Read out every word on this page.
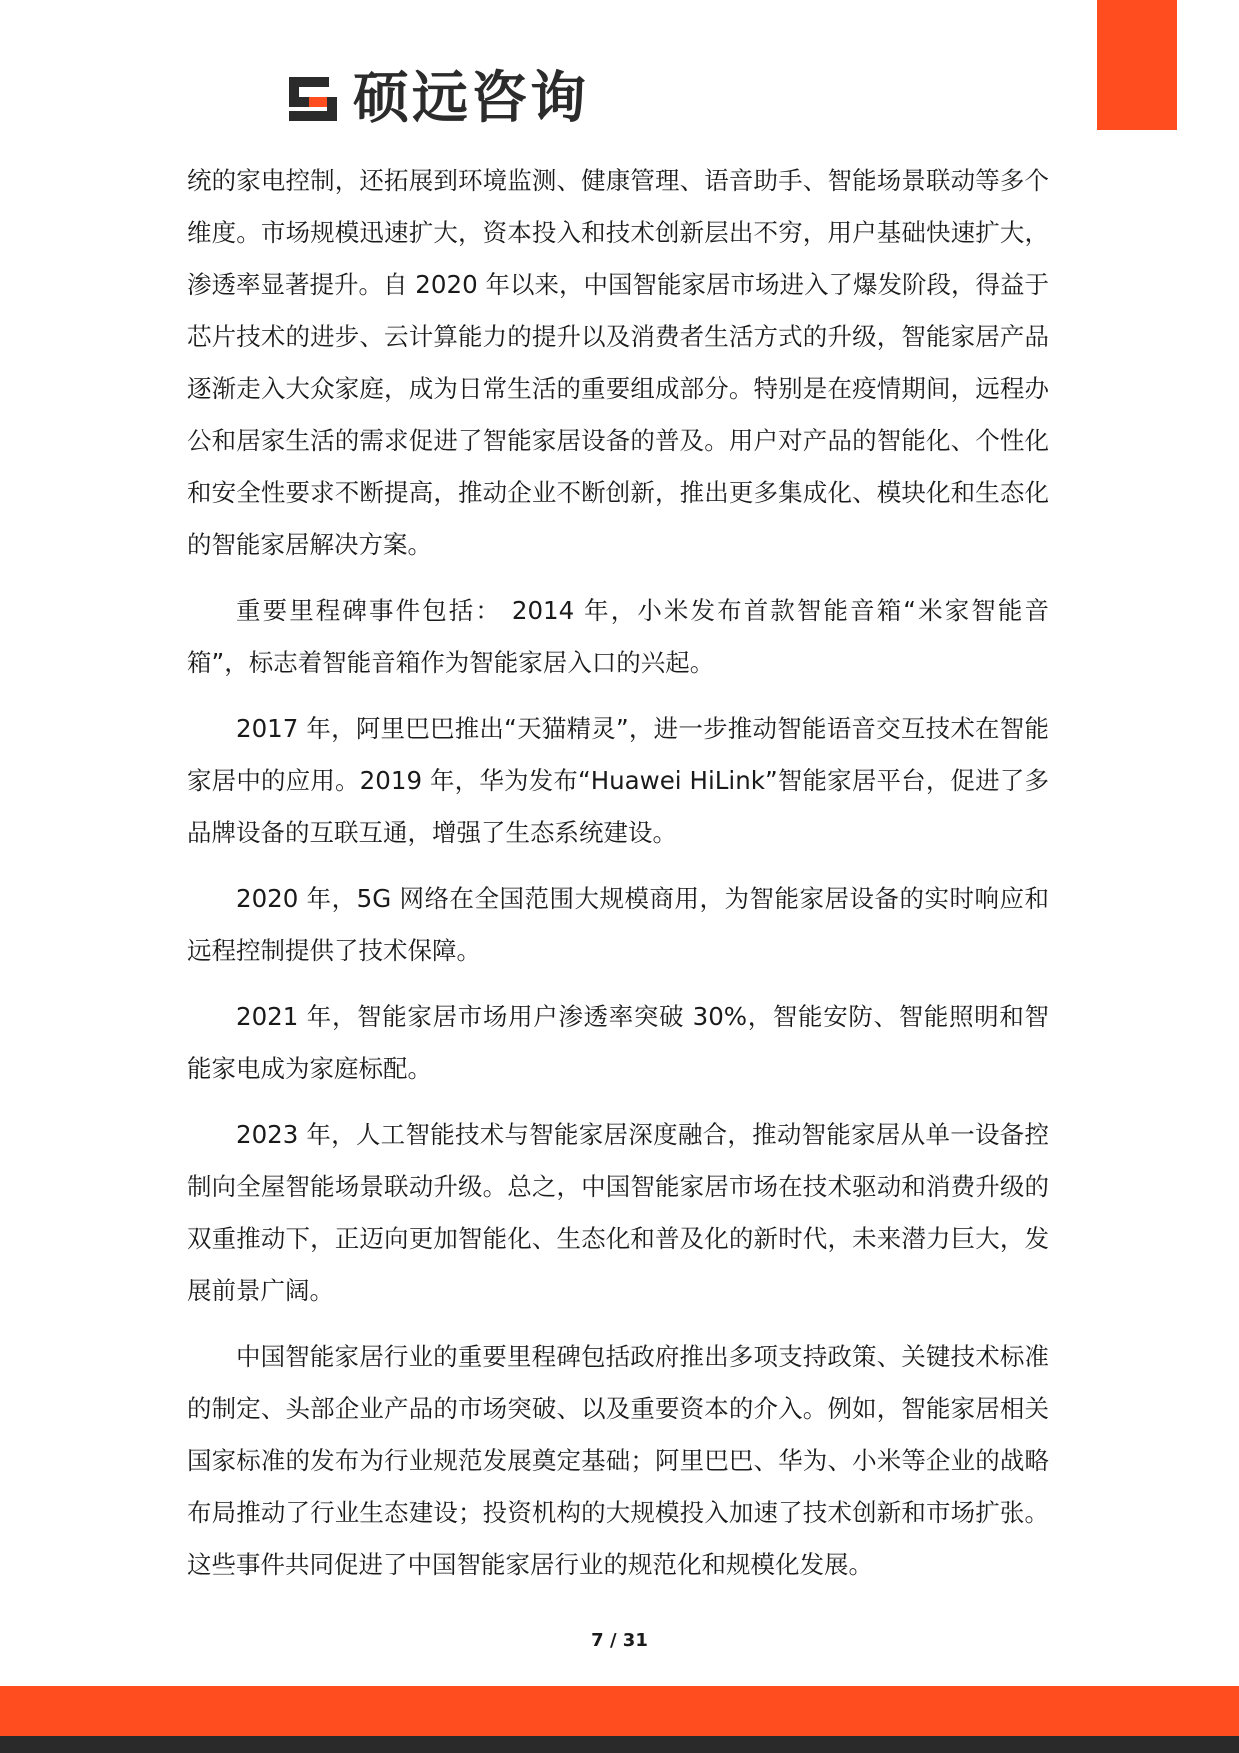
硕远咨询

统的家电控制，还拓展到环境监测、健康管理、语音助手、智能场景联动等多个维度。市场规模迅速扩大，资本投入和技术创新层出不穷，用户基础快速扩大，渗透率显著提升。自 2020 年以来，中国智能家居市场进入了爆发阶段，得益于芯片技术的进步、云计算能力的提升以及消费者生活方式的升级，智能家居产品逐渐走入大众家庭，成为日常生活的重要组成部分。特别是在疫情期间，远程办公和居家生活的需求促进了智能家居设备的普及。用户对产品的智能化、个性化和安全性要求不断提高，推动企业不断创新，推出更多集成化、模块化和生态化的智能家居解决方案。

重要里程碑事件包括： 2014 年，小米发布首款智能音箱“米家智能音箱”，标志着智能音箱作为智能家居入口的兴起。

2017 年，阿里巴巴推出“天猫精灵”，进一步推动智能语音交互技术在智能家居中的应用。2019 年，华为发布“Huawei HiLink”智能家居平台，促进了多品牌设备的互联互通，增强了生态系统建设。

2020 年，5G 网络在全国范围大规模商用，为智能家居设备的实时响应和远程控制提供了技术保障。

2021 年，智能家居市场用户渗透率突破 30%，智能安防、智能照明和智能家电成为家庭标配。

2023 年，人工智能技术与智能家居深度融合，推动智能家居从单一设备控制向全屋智能场景联动升级。总之，中国智能家居市场在技术驱动和消费升级的双重推动下，正迈向更加智能化、生态化和普及化的新时代，未来潜力巨大，发展前景广阔。

中国智能家居行业的重要里程碑包括政府推出多项支持政策、关键技术标准的制定、头部企业产品的市场突破、以及重要资本的介入。例如，智能家居相关国家标准的发布为行业规范发展奠定基础；阿里巴巴、华为、小米等企业的战略布局推动了行业生态建设；投资机构的大规模投入加速了技术创新和市场扩张。这些事件共同促进了中国智能家居行业的规范化和规模化发展。

7 / 31
